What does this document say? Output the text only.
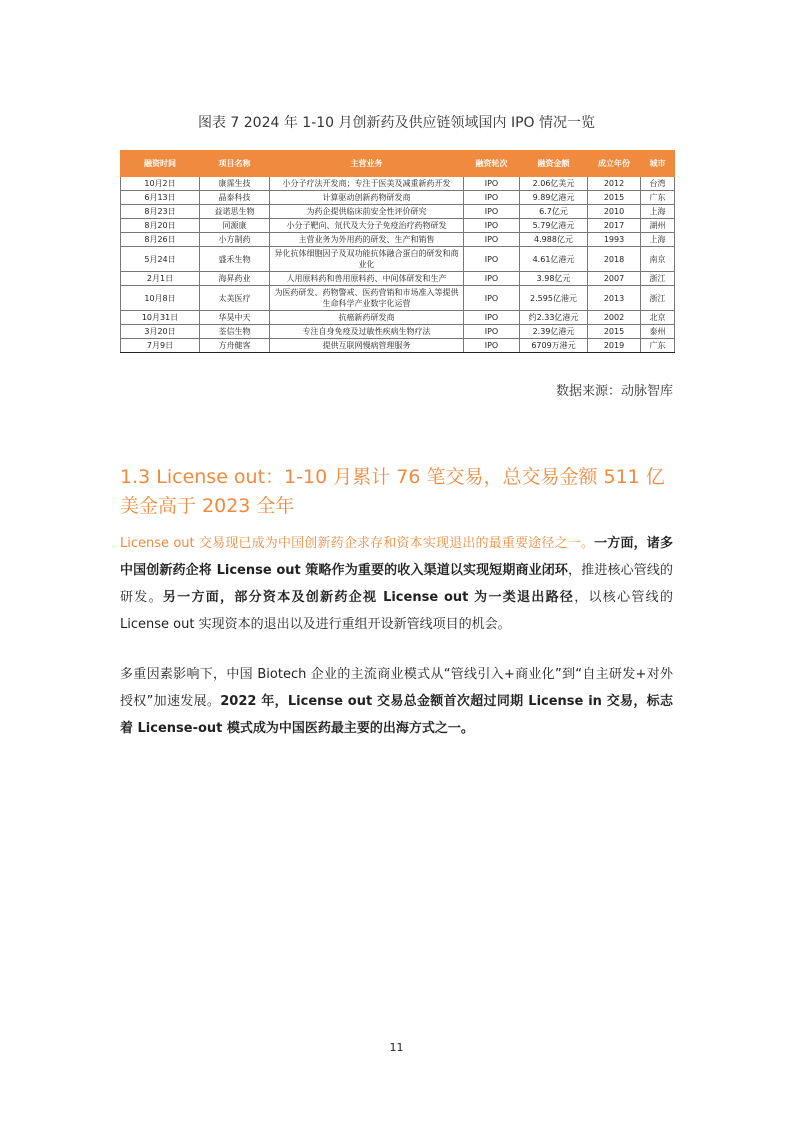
图表 7 2024 年 1-10 月创新药及供应链领域国内 IPO 情况一览
融资时间	项目名称	主营业务	融资轮次	融资金额	成立年份	城市
10月2日	康霈生技	小分子疗法开发商；专注于医美及减重新药开发	IPO	2.06亿美元	2012	台湾
6月13日	晶泰科技	计算驱动创新药物研发商	IPO	9.89亿港元	2015	广东
8月23日	益诺思生物	为药企提供临床前安全性评价研究	IPO	6.7亿元	2010	上海
8月20日	同源康	小分子靶向、氘代及大分子免疫治疗药物研发	IPO	5.79亿港元	2017	湖州
8月26日	小方制药	主营业务为外用药的研发、生产和销售	IPO	4.988亿元	1993	上海
5月24日	盛禾生物	异化抗体细胞因子及双功能抗体融合蛋白的研发和商业化	IPO	4.61亿港元	2018	南京
2月1日	海昇药业	人用原料药和兽用原料药、中间体研发和生产	IPO	3.98亿元	2007	浙江
10月8日	太美医疗	为医药研发、药物警戒、医药营销和市场准入等提供生命科学产业数字化运营	IPO	2.595亿港元	2013	浙江
10月31日	华昊中天	抗癌新药研发商	IPO	约2.33亿港元	2002	北京
3月20日	荃信生物	专注自身免疫及过敏性疾病生物疗法	IPO	2.39亿港元	2015	泰州
7月9日	方舟健客	提供互联网慢病管理服务	IPO	6709万港元	2019	广东
数据来源：动脉智库
1.3 License out：1-10 月累计 76 笔交易，总交易金额 511 亿美金高于 2023 全年
License out 交易现已成为中国创新药企求存和资本实现退出的最重要途径之一。一方面，诸多中国创新药企将 License out 策略作为重要的收入渠道以实现短期商业闭环，推进核心管线的研发。另一方面，部分资本及创新药企视 License out 为一类退出路径，以核心管线的 License out 实现资本的退出以及进行重组开设新管线项目的机会。
多重因素影响下，中国 Biotech 企业的主流商业模式从“管线引入+商业化”到“自主研发+对外授权”加速发展。2022 年，License out 交易总金额首次超过同期 License in 交易，标志着 License-out 模式成为中国医药最主要的出海方式之一。
11
